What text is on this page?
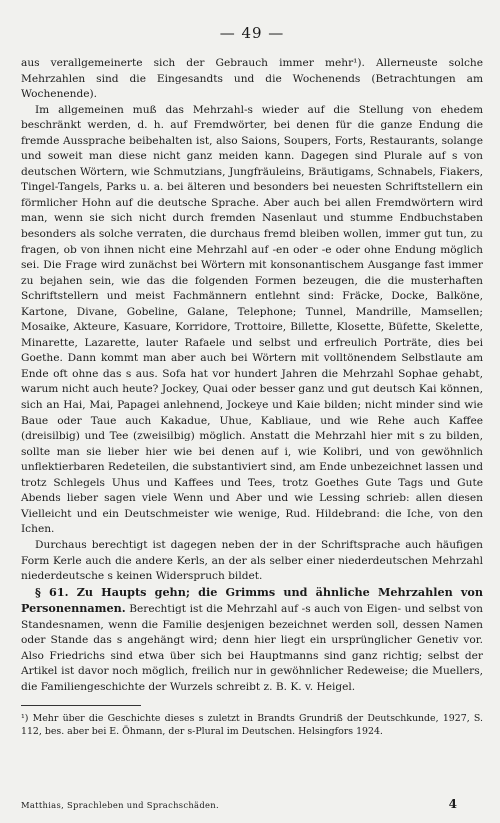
— 49 —

aus verallgemeinerte sich der Gebrauch immer mehr¹). Allerneuste solche Mehrzahlen sind die Eingesandts und die Wochenends (Betrachtungen am Wochenende).

Im allgemeinen muß das Mehrzahl-s wieder auf die Stellung von ehedem beschränkt werden, d. h. auf Fremdwörter, bei denen für die ganze Endung die fremde Aussprache beibehalten ist, also Saions, Soupers, Forts, Restaurants, solange und soweit man diese nicht ganz meiden kann. Dagegen sind Plurale auf s von deutschen Wörtern, wie Schmutzians, Jungfräuleins, Bräutigams, Schnabels, Fiakers, Tingel-Tangels, Parks u. a. bei älteren und besonders bei neuesten Schriftstellern ein förmlicher Hohn auf die deutsche Sprache. Aber auch bei allen Fremdwörtern wird man, wenn sie sich nicht durch fremden Nasenlaut und stumme Endbuchstaben besonders als solche verraten, die durchaus fremd bleiben wollen, immer gut tun, zu fragen, ob von ihnen nicht eine Mehrzahl auf -en oder -e oder ohne Endung möglich sei. Die Frage wird zunächst bei Wörtern mit konsonantischem Ausgange fast immer zu bejahen sein, wie das die folgenden Formen bezeugen, die die musterhaften Schriftstellern und meist Fachmännern entlehnt sind: Fräcke, Docke, Balköne, Kartone, Divane, Gobeline, Galane, Telephone; Tunnel, Mandrille, Mamsellen; Mosaike, Akteure, Kasuare, Korridore, Trottoire, Billette, Klosette, Büfette, Skelette, Minarette, Lazarette, lauter Rafaele und selbst und erfreulich Porträte, dies bei Goethe. Dann kommt man aber auch bei Wörtern mit volltönendem Selbstlaute am Ende oft ohne das s aus. Sofa hat vor hundert Jahren die Mehrzahl Sophae gehabt, warum nicht auch heute? Jockey, Quai oder besser ganz und gut deutsch Kai können, sich an Hai, Mai, Papagei anlehnend, Jockeye und Kaie bilden; nicht minder sind wie Baue oder Taue auch Kakadue, Uhue, Kabliaue, und wie Rehe auch Kaffee (dreisilbig) und Tee (zweisilbig) möglich. Anstatt die Mehrzahl hier mit s zu bilden, sollte man sie lieber hier wie bei denen auf i, wie Kolibri, und von gewöhnlich unflektierbaren Redeteilen, die substantiviert sind, am Ende unbezeichnet lassen und trotz Schlegels Uhus und Kaffees und Tees, trotz Goethes Gute Tags und Gute Abends lieber sagen viele Wenn und Aber und wie Lessing schrieb: allen diesen Vielleicht und ein Deutschmeister wie wenige, Rud. Hildebrand: die Iche, von den Ichen.

Durchaus berechtigt ist dagegen neben der in der Schriftsprache auch häufigen Form Kerle auch die andere Kerls, an der als selber einer niederdeutschen Mehrzahl niederdeutsche s keinen Widerspruch bildet.

§ 61. Zu Haupts gehn; die Grimms und ähnliche Mehrzahlen von Personennamen. Berechtigt ist die Mehrzahl auf -s auch von Eigen- und selbst von Standesnamen, wenn die Familie desjenigen bezeichnet werden soll, dessen Namen oder Stande das s angehängt wird; denn hier liegt ein ursprünglicher Genetiv vor. Also Friedrichs sind etwa über sich bei Hauptmanns sind ganz richtig; selbst der Artikel ist davor noch möglich, freilich nur in gewöhnlicher Redeweise; die Muellers, die Familiengeschichte der Wurzels schreibt z. B. K. v. Heigel.

¹) Mehr über die Geschichte dieses s zuletzt in Brandts Grundriß der Deutschkunde, 1927, S. 112, bes. aber bei E. Öhmann, der s-Plural im Deutschen. Helsingfors 1924.

Matthias, Sprachleben und Sprachschäden.	4
